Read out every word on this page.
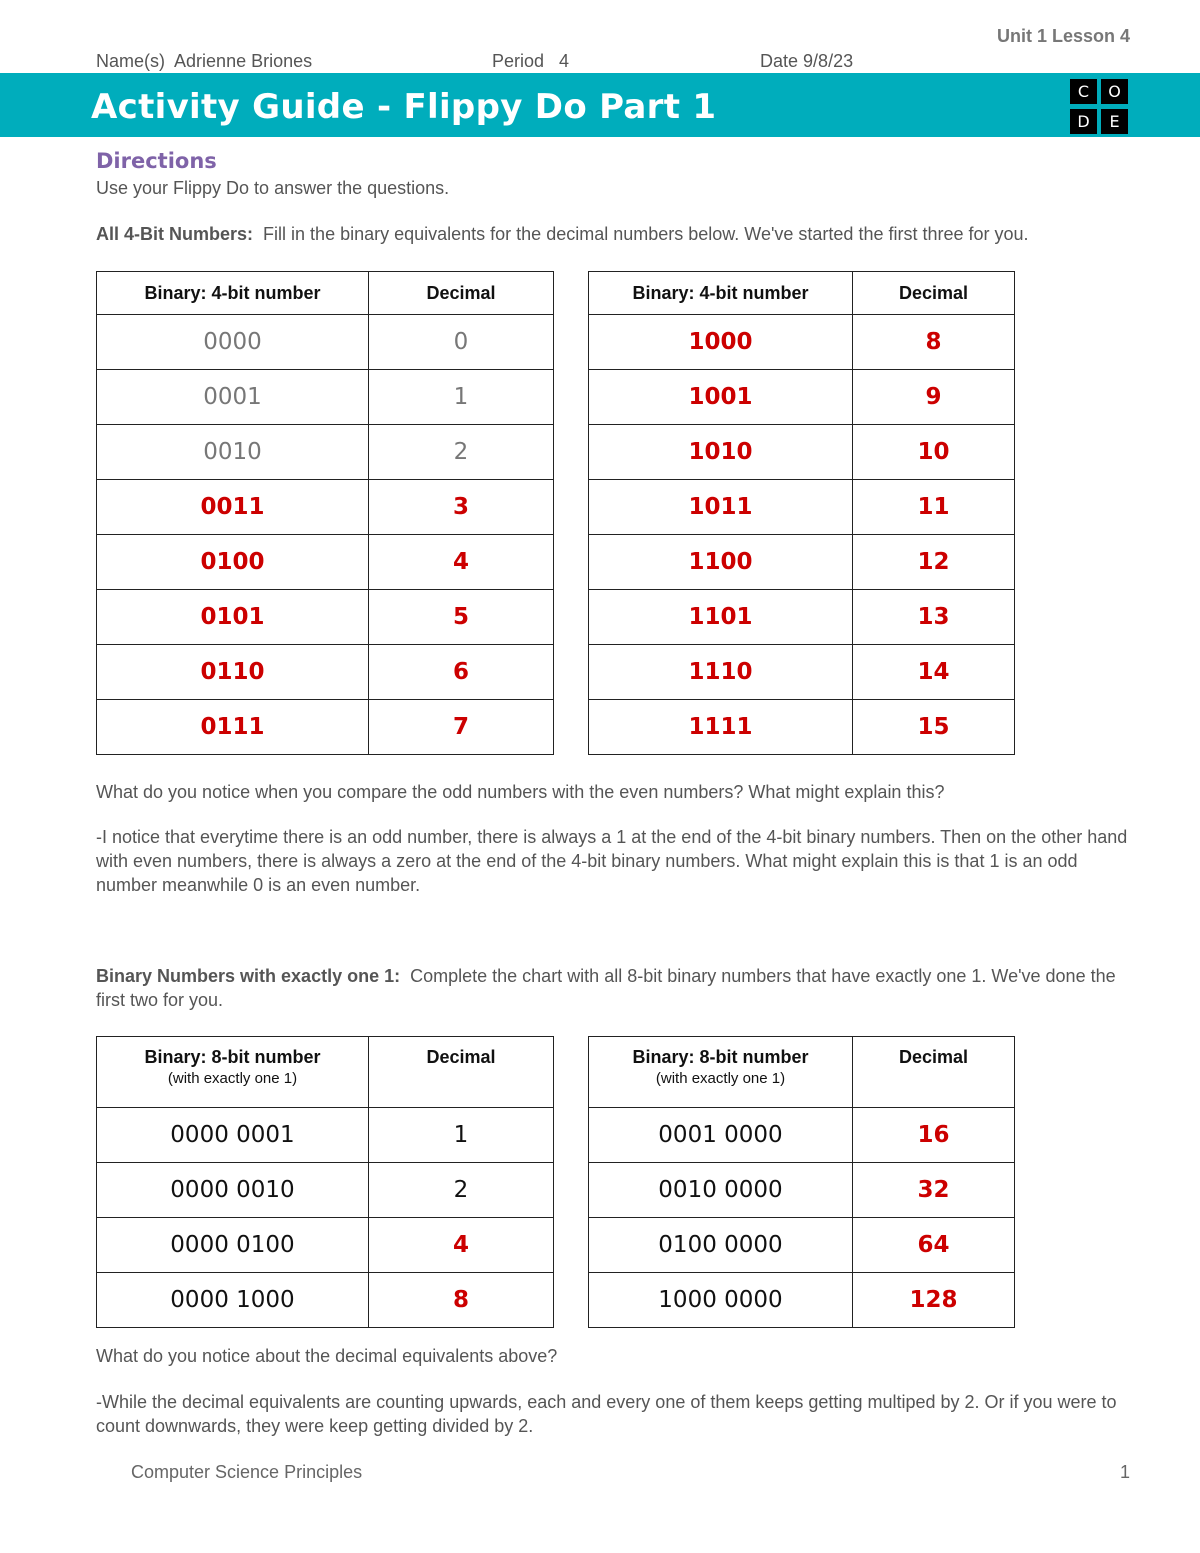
Unit 1 Lesson 4
Name(s) Adrienne Briones	Period 4	Date 9/8/23
Activity Guide - Flippy Do Part 1	C	O
D	E
Directions
Use your Flippy Do to answer the questions.
All 4-Bit Numbers: Fill in the binary equivalents for the decimal numbers below. We've started the first three for you.
Binary: 4-bit number	Decimal
0000	0
0001	1
0010	2
0011	3
0100	4
0101	5
0110	6
0111	7
Binary: 4-bit number	Decimal
1000	8
1001	9
1010	10
1011	11
1100	12
1101	13
1110	14
1111	15
What do you notice when you compare the odd numbers with the even numbers? What might explain this?
-I notice that everytime there is an odd number, there is always a 1 at the end of the 4-bit binary numbers. Then on the other hand with even numbers, there is always a zero at the end of the 4-bit binary numbers. What might explain this is that 1 is an odd number meanwhile 0 is an even number.
Binary Numbers with exactly one 1: Complete the chart with all 8-bit binary numbers that have exactly one 1. We've done the first two for you.
Binary: 8-bit number
(with exactly one 1)	Decimal
0000 0001	1
0000 0010	2
0000 0100	4
0000 1000	8
Binary: 8-bit number
(with exactly one 1)	Decimal
0001 0000	16
0010 0000	32
0100 0000	64
1000 0000	128
What do you notice about the decimal equivalents above?
-While the decimal equivalents are counting upwards, each and every one of them keeps getting multiped by 2. Or if you were to count downwards, they were keep getting divided by 2.
Computer Science Principles	1
